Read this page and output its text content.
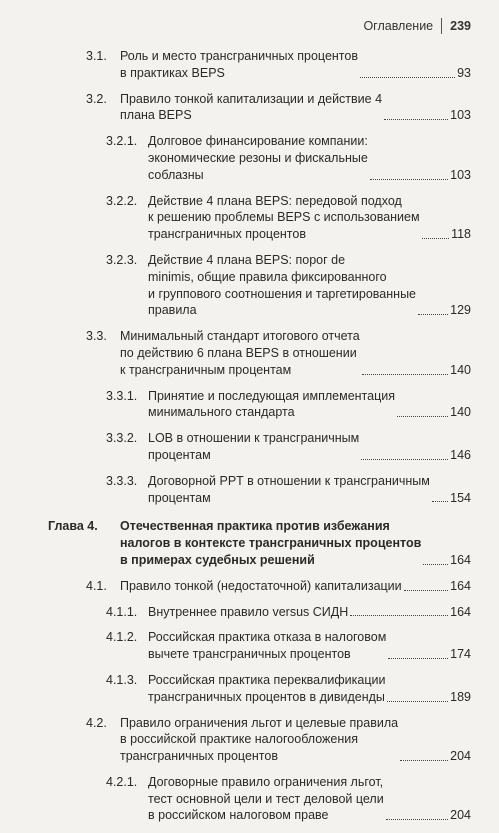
Оглавление 239
3.1. Роль и место трансграничных процентов
в практиках BEPS	93
3.2. Правило тонкой капитализации и действие 4
плана BEPS	103
3.2.1. Долговое финансирование компании:
экономические резоны и фискальные
соблазны	103
3.2.2. Действие 4 плана BEPS: передовой подход
к решению проблемы BEPS с использованием
трансграничных процентов	118
3.2.3. Действие 4 плана BEPS: порог de
minimis, общие правила фиксированного
и группового соотношения и таргетированные
правила	129
3.3. Минимальный стандарт итогового отчета
по действию 6 плана BEPS в отношении
к трансграничным процентам	140
3.3.1. Принятие и последующая имплементация
минимального стандарта	140
3.3.2. LOB в отношении к трансграничным
процентам	146
3.3.3. Договорной PPT в отношении к трансграничным
процентам	154
Глава 4. Отечественная практика против избежания
налогов в контексте трансграничных процентов
в примерах судебных решений	164
4.1. Правило тонкой (недостаточной) капитализации	164
4.1.1. Внутреннее правило versus СИДН	164
4.1.2. Российская практика отказа в налоговом
вычете трансграничных процентов	174
4.1.3. Российская практика переквалификации
трансграничных процентов в дивиденды	189
4.2. Правило ограничения льгот и целевые правила
в российской практике налогообложения
трансграничных процентов	204
4.2.1. Договорные правило ограничения льгот,
тест основной цели и тест деловой цели
в российском налоговом праве	204
